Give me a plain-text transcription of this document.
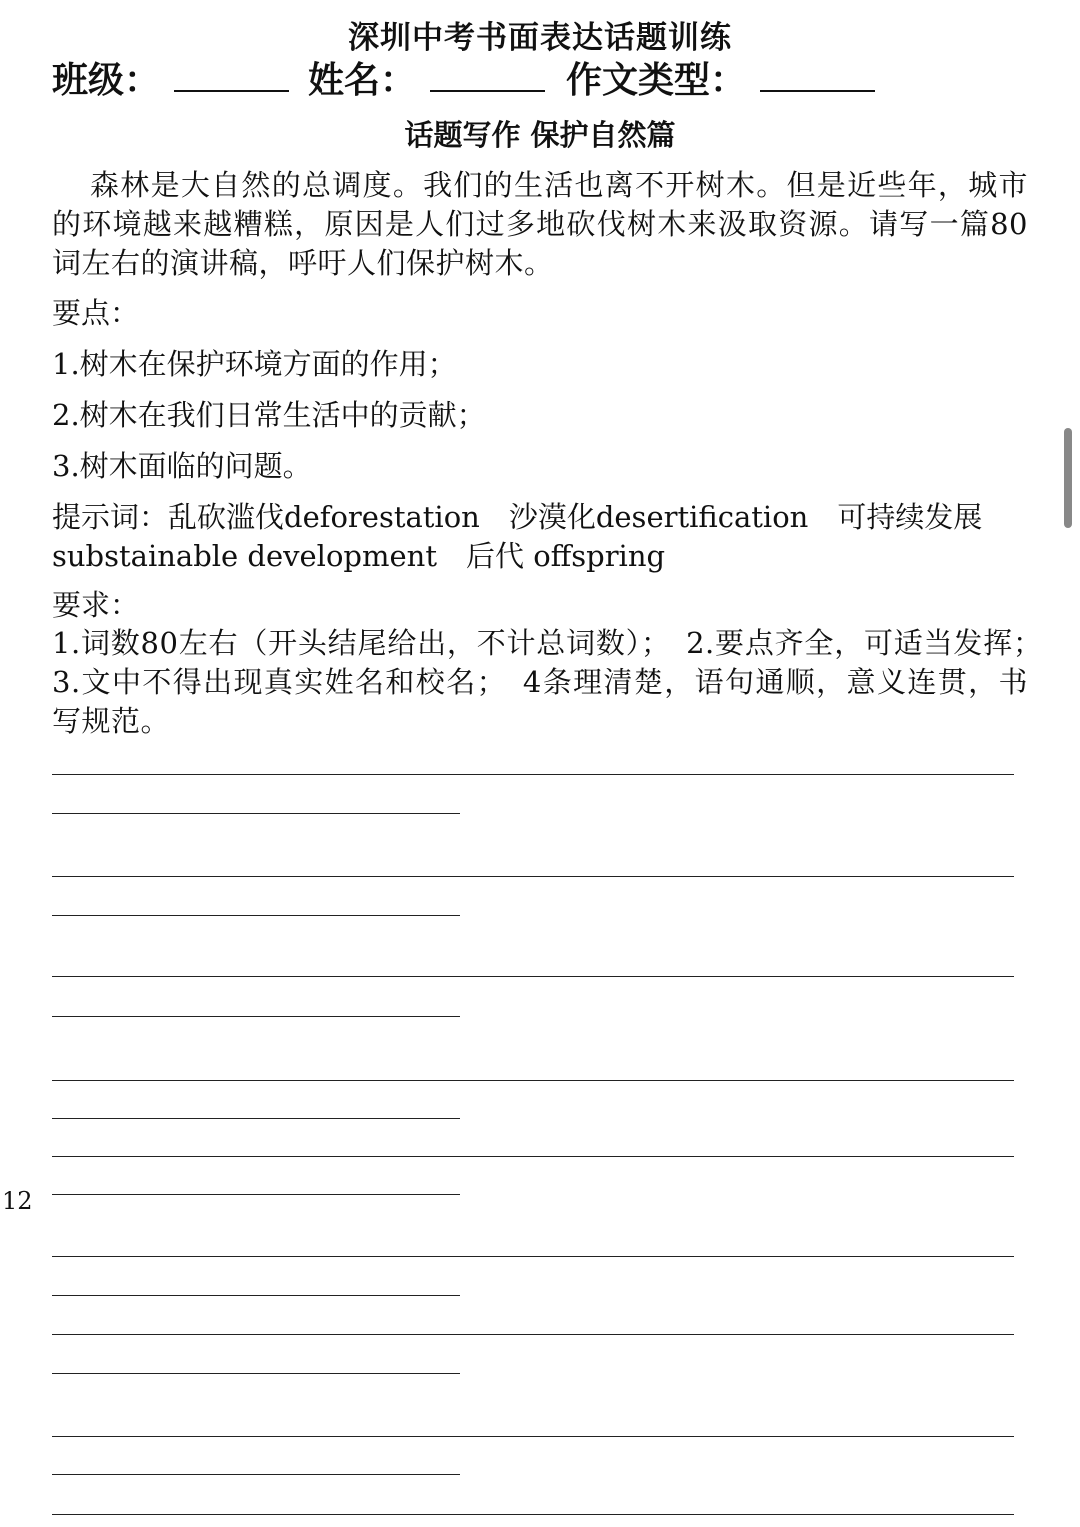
深圳中考书面表达话题训练
班级：	姓名：	作文类型：
话题写作 保护自然篇
森林是大自然的总调度。我们的生活也离不开树木。但是近些年，城市的环境越来越糟糕，原因是人们过多地砍伐树木来汲取资源。请写一篇80词左右的演讲稿，呼吁人们保护树木。
要点：
1.树木在保护环境方面的作用；
2.树木在我们日常生活中的贡献；
3.树木面临的问题。
提示词：乱砍滥伐deforestation　沙漠化desertification　可持续发展
substainable development　后代 offspring
要求：
1.词数80左右（开头结尾给出，不计总词数）；　2.要点齐全，可适当发挥；　3.文中不得出现真实姓名和校名；　4条理清楚，语句通顺，意义连贯，书写规范。
12
